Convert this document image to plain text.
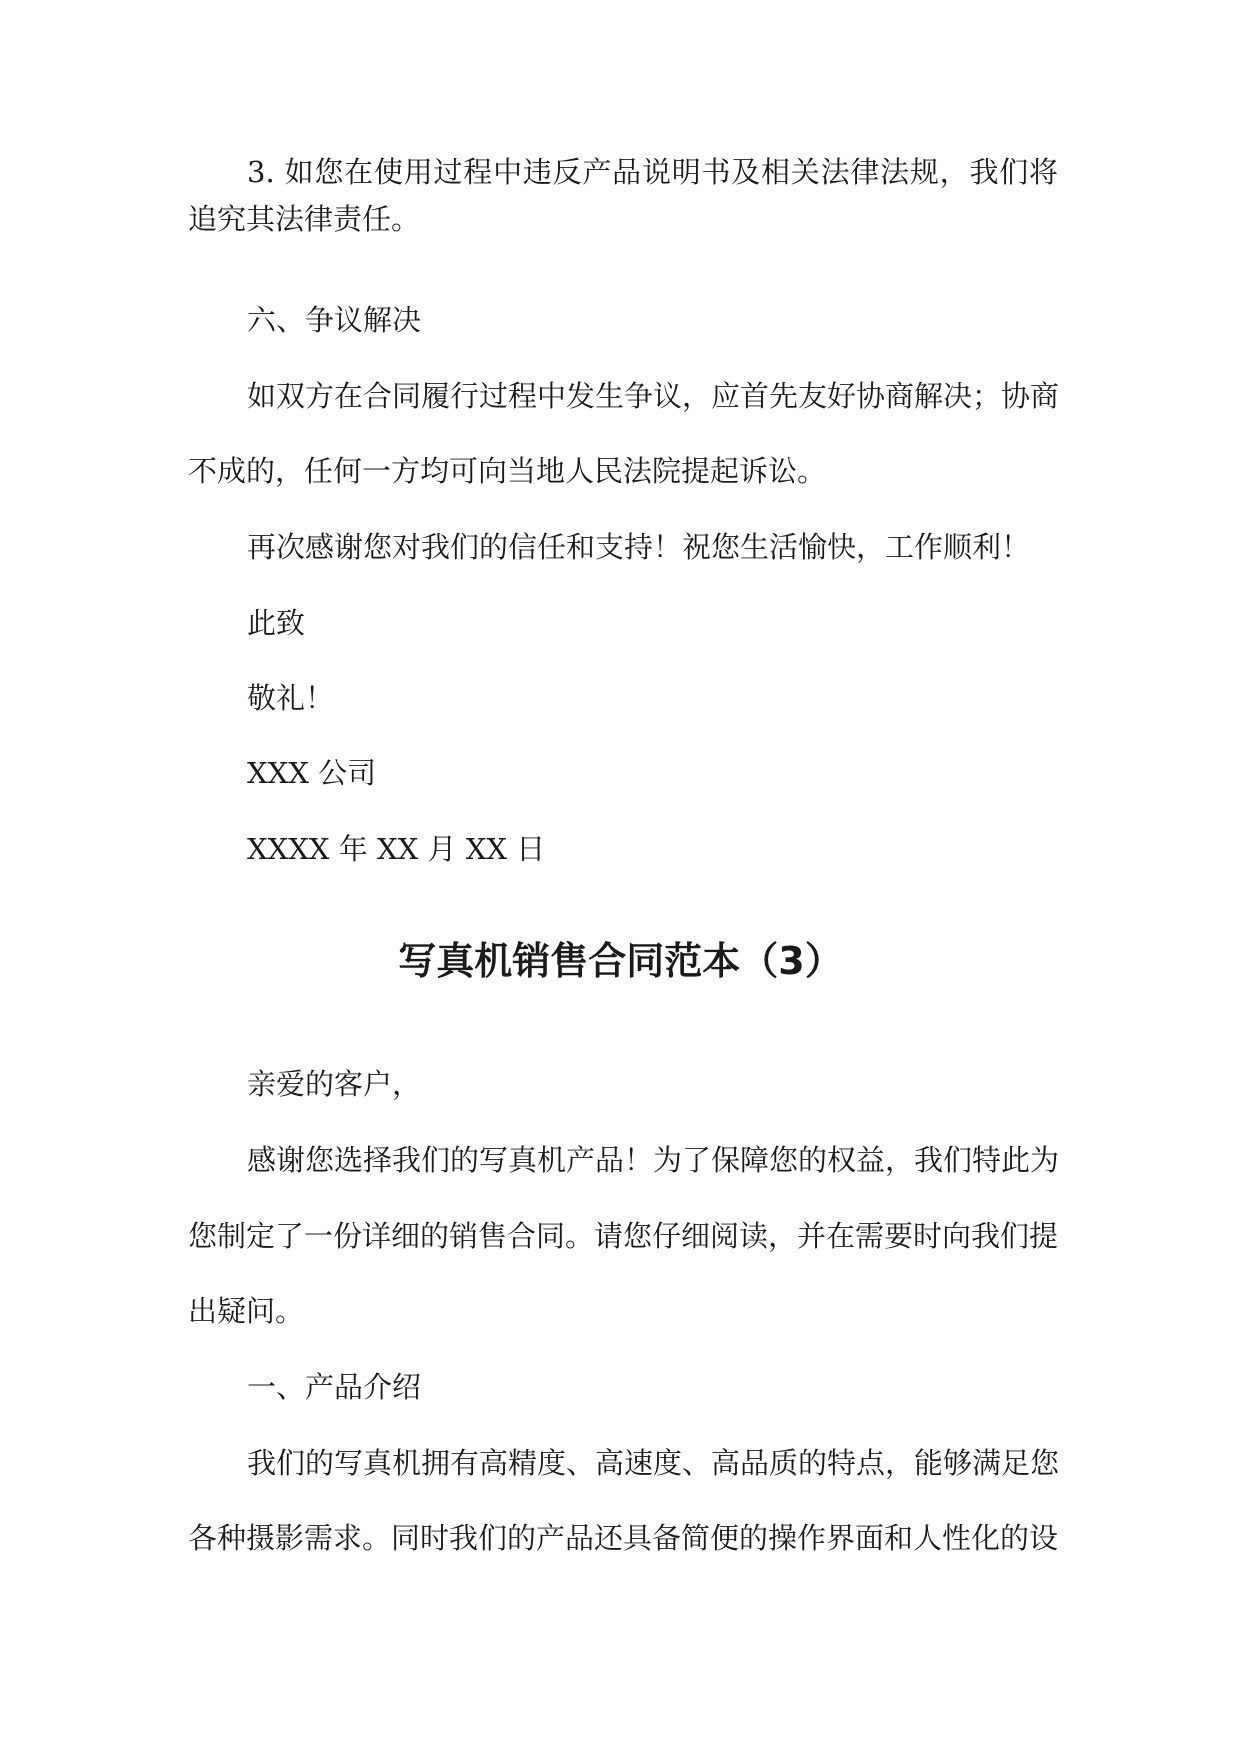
3. 如您在使用过程中违反产品说明书及相关法律法规，我们将
追究其法律责任。
六、争议解决
如双方在合同履行过程中发生争议，应首先友好协商解决；协商
不成的，任何一方均可向当地人民法院提起诉讼。
再次感谢您对我们的信任和支持！祝您生活愉快，工作顺利！
此致
敬礼！
XXX 公司
XXXX 年 XX 月 XX 日
写真机销售合同范本（3）
亲爱的客户，
感谢您选择我们的写真机产品！为了保障您的权益，我们特此为
您制定了一份详细的销售合同。请您仔细阅读，并在需要时向我们提
出疑问。
一、产品介绍
我们的写真机拥有高精度、高速度、高品质的特点，能够满足您
各种摄影需求。同时我们的产品还具备简便的操作界面和人性化的设
